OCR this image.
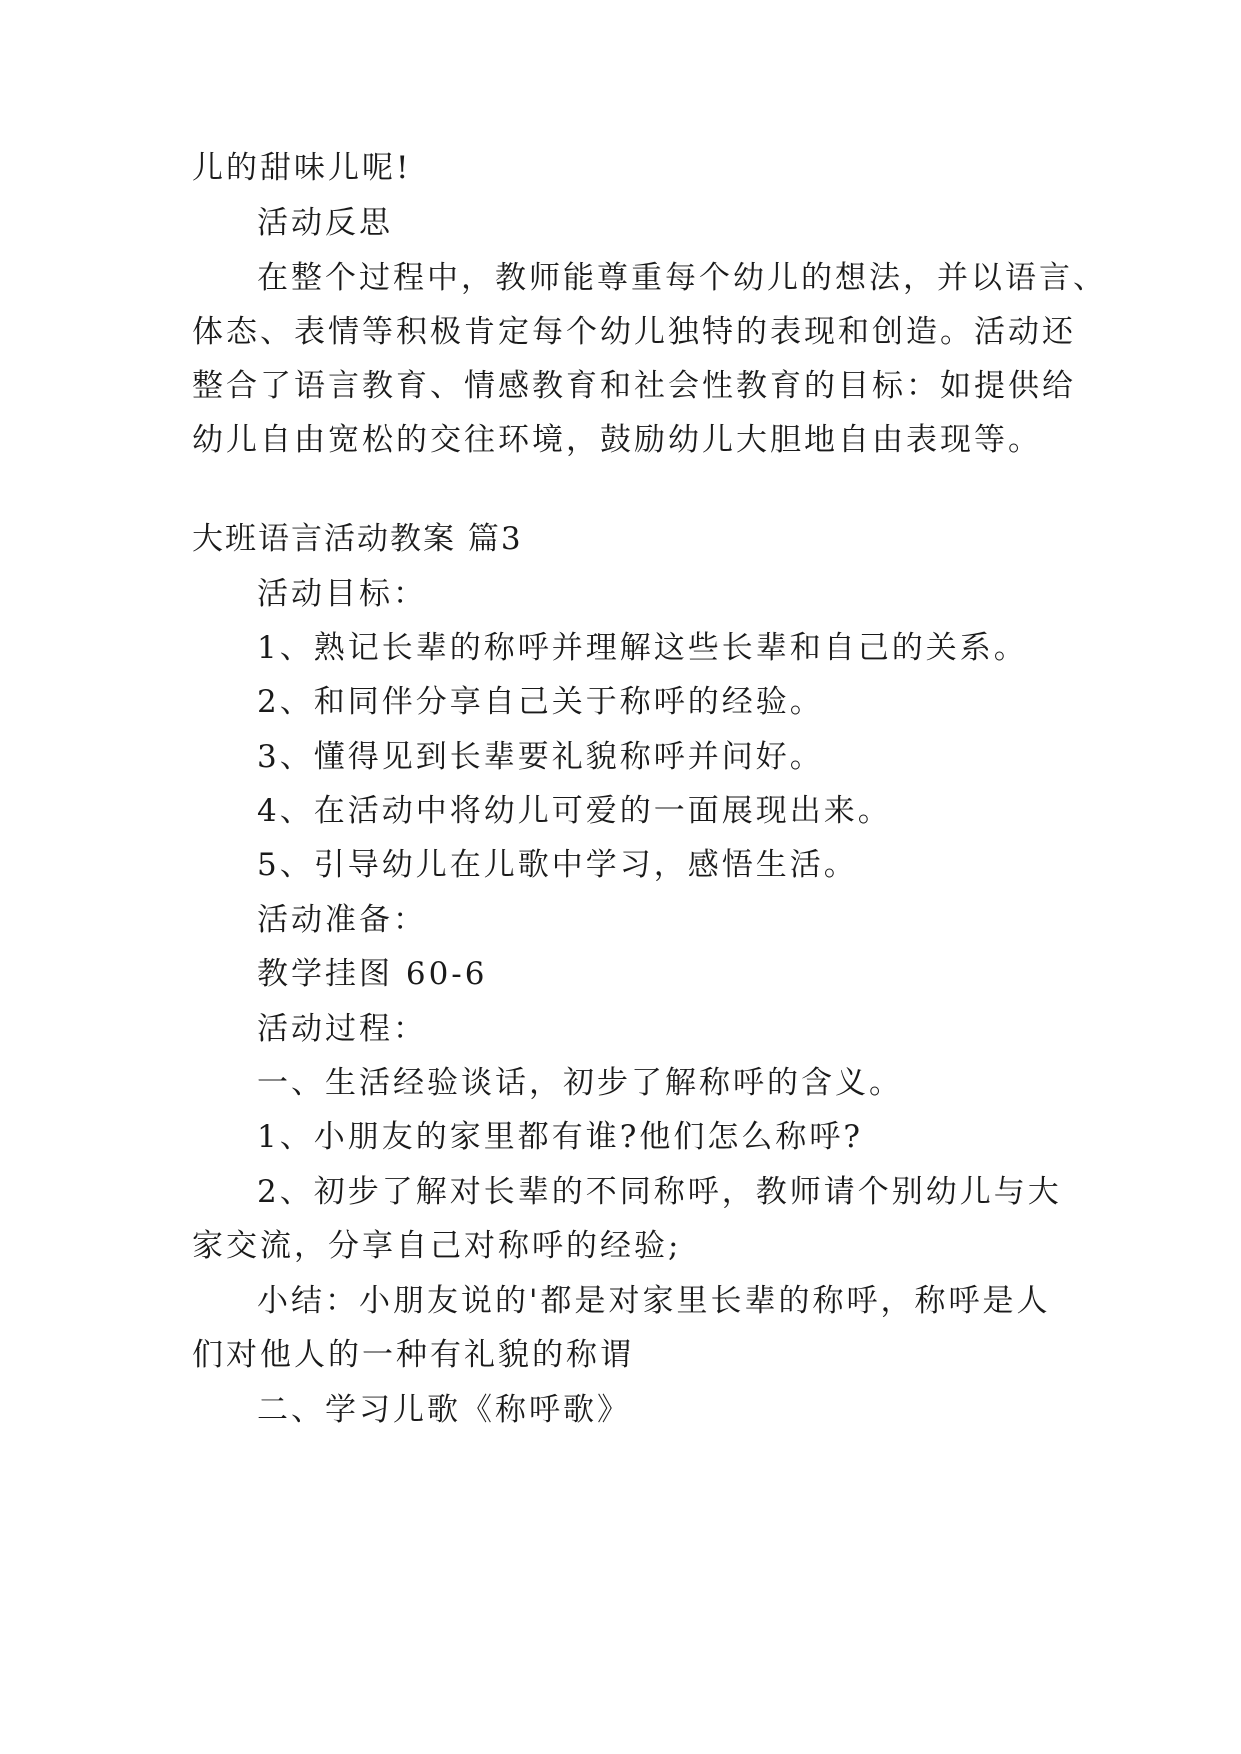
儿的甜味儿呢!
活动反思
在整个过程中，教师能尊重每个幼儿的想法，并以语言、
体态、表情等积极肯定每个幼儿独特的表现和创造。活动还
整合了语言教育、情感教育和社会性教育的目标：如提供给
幼儿自由宽松的交往环境，鼓励幼儿大胆地自由表现等。
大班语言活动教案 篇3
活动目标：
1、熟记长辈的称呼并理解这些长辈和自己的关系。
2、和同伴分享自己关于称呼的经验。
3、懂得见到长辈要礼貌称呼并问好。
4、在活动中将幼儿可爱的一面展现出来。
5、引导幼儿在儿歌中学习，感悟生活。
活动准备：
教学挂图 60-6
活动过程：
一、生活经验谈话，初步了解称呼的含义。
1、小朋友的家里都有谁?他们怎么称呼?
2、初步了解对长辈的不同称呼，教师请个别幼儿与大
家交流，分享自己对称呼的经验;
小结：小朋友说的'都是对家里长辈的称呼，称呼是人
们对他人的一种有礼貌的称谓
二、学习儿歌《称呼歌》
